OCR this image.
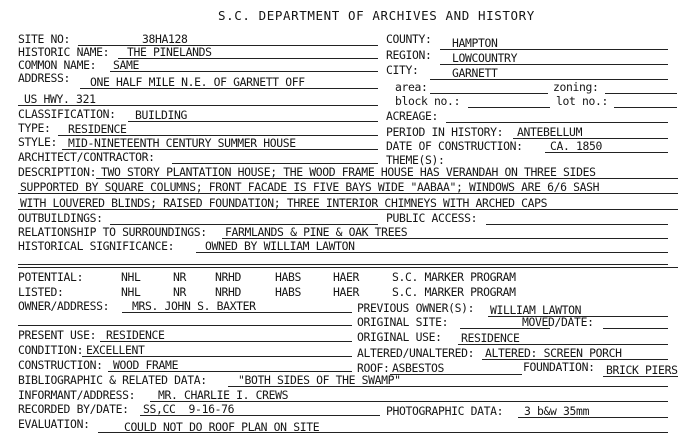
S.C. DEPARTMENT OF ARCHIVES AND HISTORY
SITE NO:	38HA128
HISTORIC NAME: THE PINELANDS
COMMON NAME: SAME
ADDRESS: ONE HALF MILE N.E. OF GARNETT OFF
US HWY. 321
CLASSIFICATION: BUILDING
TYPE: RESIDENCE
STYLE: MID-NINETEENTH CENTURY SUMMER HOUSE
ARCHITECT/CONTRACTOR:
COUNTY: HAMPTON
REGION: LOWCOUNTRY
CITY:	GARNETT
area:	zoning:
block no.:	lot no.:
ACREAGE:
PERIOD IN HISTORY: ANTEBELLUM
DATE OF CONSTRUCTION: CA. 1850
THEME(S):
DESCRIPTION: TWO STORY PLANTATION HOUSE; THE WOOD FRAME HOUSE HAS VERANDAH ON THREE SIDES
SUPPORTED BY SQUARE COLUMNS; FRONT FACADE IS FIVE BAYS WIDE "AABAA"; WINDOWS ARE 6/6 SASH
WITH LOUVERED BLINDS; RAISED FOUNDATION; THREE INTERIOR CHIMNEYS WITH ARCHED CAPS
OUTBUILDINGS:	PUBLIC ACCESS:
RELATIONSHIP TO SURROUNDINGS: FARMLANDS & PINE & OAK TREES
HISTORICAL SIGNIFICANCE:	OWNED BY WILLIAM LAWTON
POTENTIAL:	NHL	NR	NRHD	HABS	HAER	S.C. MARKER PROGRAM
LISTED:	NHL	NR	NRHD	HABS	HAER	S.C. MARKER PROGRAM
OWNER/ADDRESS: MRS. JOHN S. BAXTER	PREVIOUS OWNER(S): WILLIAM LAWTON
ORIGINAL SITE:	MOVED/DATE:
PRESENT USE: RESIDENCE	ORIGINAL USE: RESIDENCE
CONDITION: EXCELLENT	ALTERED/UNALTERED: ALTERED: SCREEN PORCH
CONSTRUCTION: WOOD FRAME	ROOF: ASBESTOS	FOUNDATION: BRICK PIERS
BIBLIOGRAPHIC & RELATED DATA:	"BOTH SIDES OF THE SWAMP"
INFORMANT/ADDRESS: MR. CHARLIE I. CREWS
RECORDED BY/DATE: SS,CC  9-16-76	PHOTOGRAPHIC DATA: 3 b&w 35mm
EVALUATION:	COULD NOT DO ROOF PLAN ON SITE
